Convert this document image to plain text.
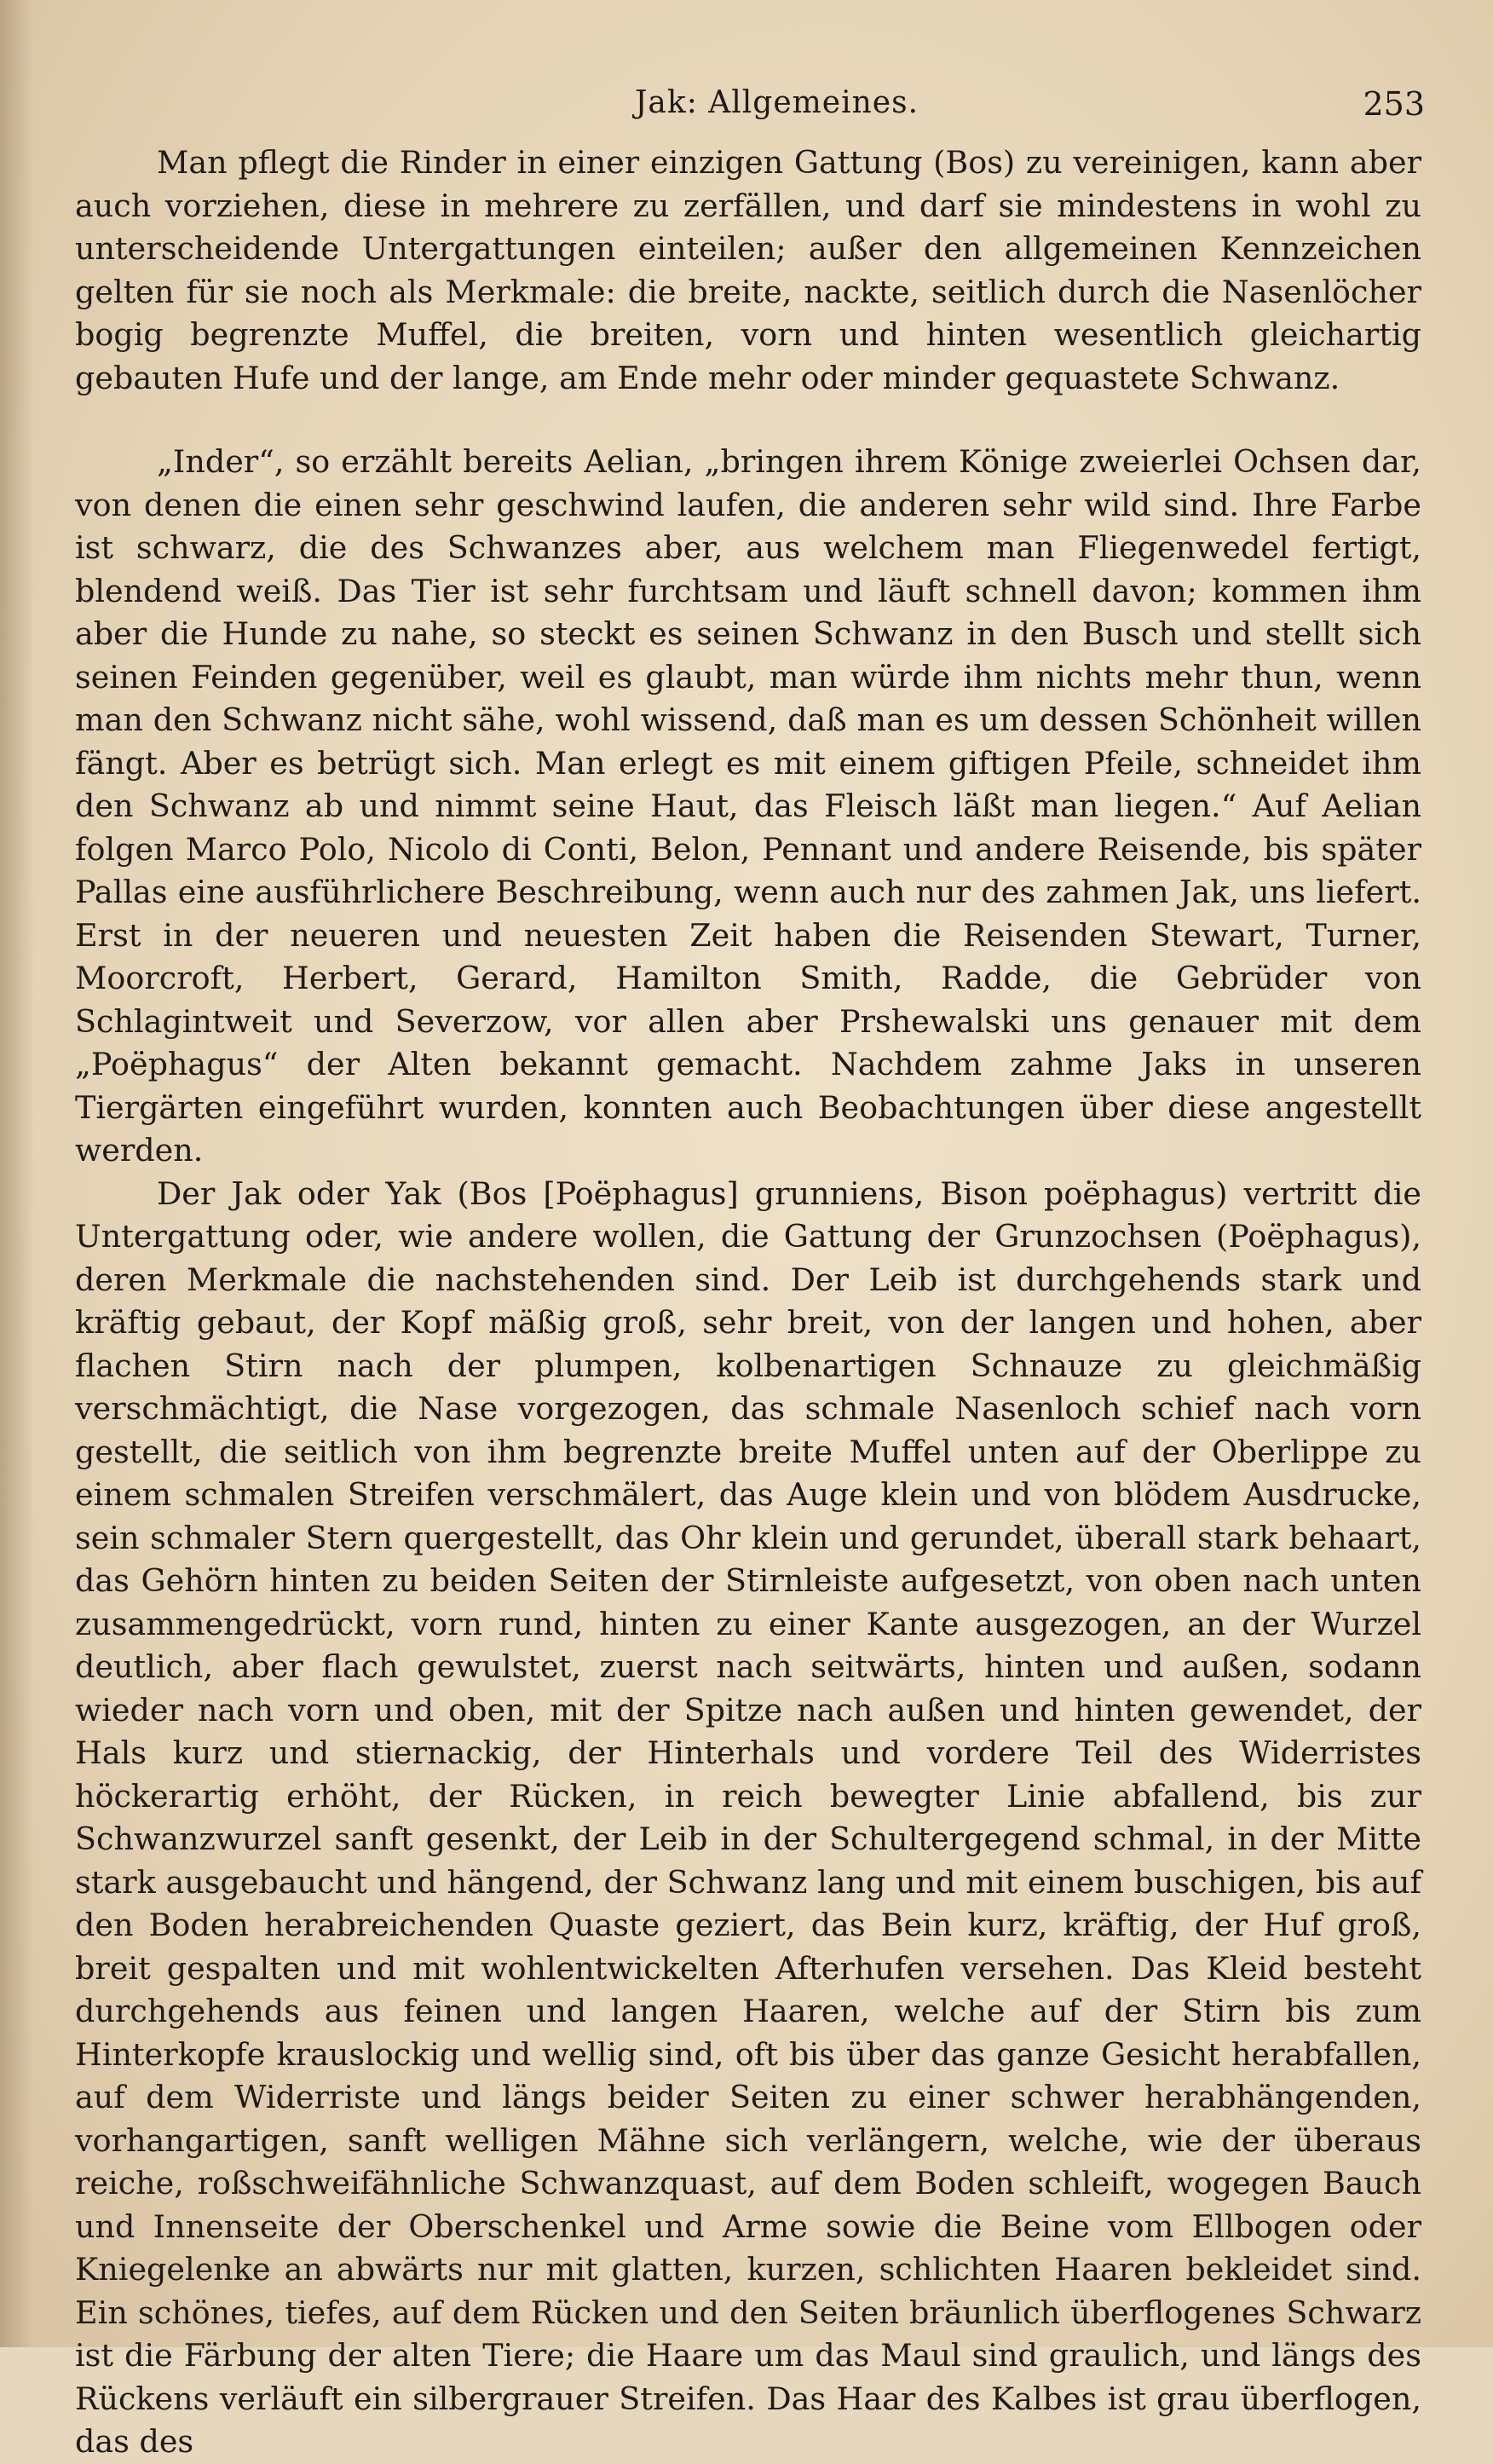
Jak: Allgemeines.	253

Man pflegt die Rinder in einer einzigen Gattung (Bos) zu vereinigen, kann aber auch vorziehen, diese in mehrere zu zerfällen, und darf sie mindestens in wohl zu unterscheidende Untergattungen einteilen; außer den allgemeinen Kennzeichen gelten für sie noch als Merkmale: die breite, nackte, seitlich durch die Nasenlöcher bogig begrenzte Muffel, die breiten, vorn und hinten wesentlich gleichartig gebauten Hufe und der lange, am Ende mehr oder minder gequastete Schwanz.

„Inder“, so erzählt bereits Aelian, „bringen ihrem Könige zweierlei Ochsen dar, von denen die einen sehr geschwind laufen, die anderen sehr wild sind. Ihre Farbe ist schwarz, die des Schwanzes aber, aus welchem man Fliegenwedel fertigt, blendend weiß. Das Tier ist sehr furchtsam und läuft schnell davon; kommen ihm aber die Hunde zu nahe, so steckt es seinen Schwanz in den Busch und stellt sich seinen Feinden gegenüber, weil es glaubt, man würde ihm nichts mehr thun, wenn man den Schwanz nicht sähe, wohl wissend, daß man es um dessen Schönheit willen fängt. Aber es betrügt sich. Man erlegt es mit einem giftigen Pfeile, schneidet ihm den Schwanz ab und nimmt seine Haut, das Fleisch läßt man liegen.“ Auf Aelian folgen Marco Polo, Nicolo di Conti, Belon, Pennant und andere Reisende, bis später Pallas eine ausführlichere Beschreibung, wenn auch nur des zahmen Jak, uns liefert. Erst in der neueren und neuesten Zeit haben die Reisenden Stewart, Turner, Moorcroft, Herbert, Gerard, Hamilton Smith, Radde, die Gebrüder von Schlagintweit und Severzow, vor allen aber Prshewalski uns genauer mit dem „Poëphagus“ der Alten bekannt gemacht. Nachdem zahme Jaks in unseren Tiergärten eingeführt wurden, konnten auch Beobachtungen über diese angestellt werden.

Der Jak oder Yak (Bos [Poëphagus] grunniens, Bison poëphagus) vertritt die Untergattung oder, wie andere wollen, die Gattung der Grunzochsen (Poëphagus), deren Merkmale die nachstehenden sind. Der Leib ist durchgehends stark und kräftig gebaut, der Kopf mäßig groß, sehr breit, von der langen und hohen, aber flachen Stirn nach der plumpen, kolbenartigen Schnauze zu gleichmäßig verschmächtigt, die Nase vorgezogen, das schmale Nasenloch schief nach vorn gestellt, die seitlich von ihm begrenzte breite Muffel unten auf der Oberlippe zu einem schmalen Streifen verschmälert, das Auge klein und von blödem Ausdrucke, sein schmaler Stern quergestellt, das Ohr klein und gerundet, überall stark behaart, das Gehörn hinten zu beiden Seiten der Stirnleiste aufgesetzt, von oben nach unten zusammengedrückt, vorn rund, hinten zu einer Kante ausgezogen, an der Wurzel deutlich, aber flach gewulstet, zuerst nach seitwärts, hinten und außen, sodann wieder nach vorn und oben, mit der Spitze nach außen und hinten gewendet, der Hals kurz und stiernackig, der Hinterhals und vordere Teil des Widerristes höckerartig erhöht, der Rücken, in reich bewegter Linie abfallend, bis zur Schwanzwurzel sanft gesenkt, der Leib in der Schultergegend schmal, in der Mitte stark ausgebaucht und hängend, der Schwanz lang und mit einem buschigen, bis auf den Boden herabreichenden Quaste geziert, das Bein kurz, kräftig, der Huf groß, breit gespalten und mit wohlentwickelten Afterhufen versehen. Das Kleid besteht durchgehends aus feinen und langen Haaren, welche auf der Stirn bis zum Hinterkopfe krauslockig und wellig sind, oft bis über das ganze Gesicht herabfallen, auf dem Widerriste und längs beider Seiten zu einer schwer herabhängenden, vorhangartigen, sanft welligen Mähne sich verlängern, welche, wie der überaus reiche, roßschweifähnliche Schwanzquast, auf dem Boden schleift, wogegen Bauch und Innenseite der Oberschenkel und Arme sowie die Beine vom Ellbogen oder Kniegelenke an abwärts nur mit glatten, kurzen, schlichten Haaren bekleidet sind. Ein schönes, tiefes, auf dem Rücken und den Seiten bräunlich überflogenes Schwarz ist die Färbung der alten Tiere; die Haare um das Maul sind graulich, und längs des Rückens verläuft ein silbergrauer Streifen. Das Haar des Kalbes ist grau überflogen, das des
